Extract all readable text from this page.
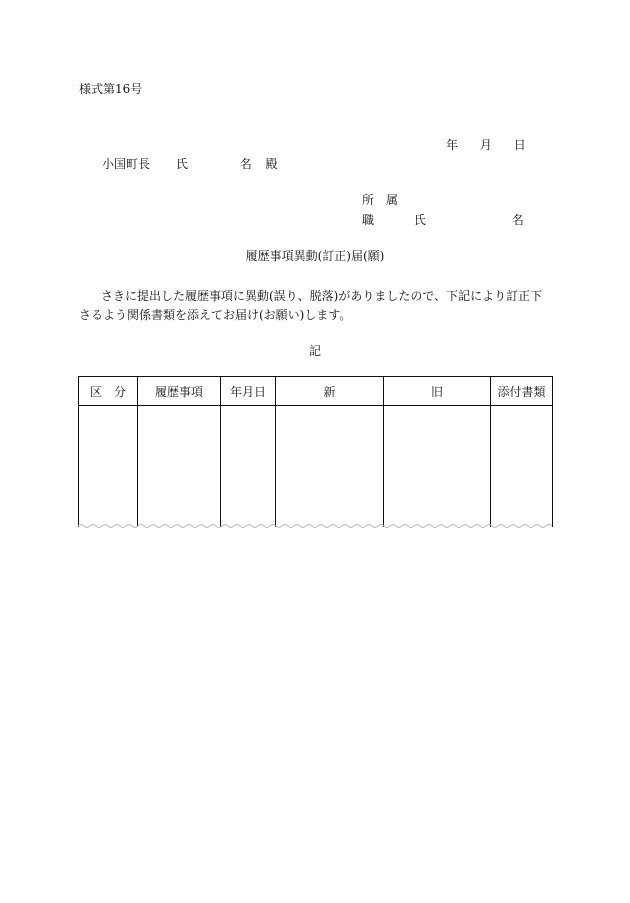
様式第16号
年 月 日
小国町長 氏	名 殿
所　属
職	氏	名
履歴事項異動(訂正)届(願)
さきに提出した履歴事項に異動(誤り、脱落)がありましたので、下記により訂正下さるよう関係書類を添えてお届け(お願い)します。
記
区　分	履歴事項	年月日	新	旧	添付書類
